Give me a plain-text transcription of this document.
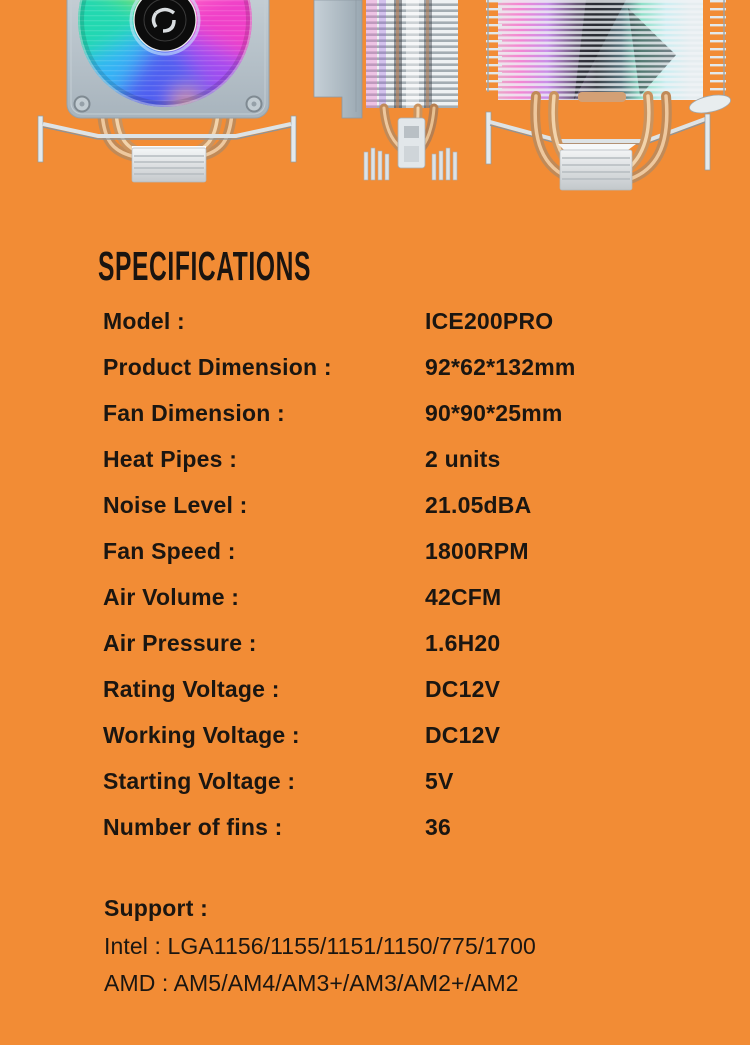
SPECIFICATIONS
Model :	ICE200PRO
Product Dimension :	92*62*132mm
Fan Dimension :	90*90*25mm
Heat Pipes :	2 units
Noise Level :	21.05dBA
Fan Speed :	1800RPM
Air Volume :	42CFM
Air Pressure :	1.6H20
Rating Voltage :	DC12V
Working Voltage :	DC12V
Starting Voltage :	5V
Number of fins :	36
Support :
Intel : LGA1156/1155/1151/1150/775/1700
AMD : AM5/AM4/AM3+/AM3/AM2+/AM2
